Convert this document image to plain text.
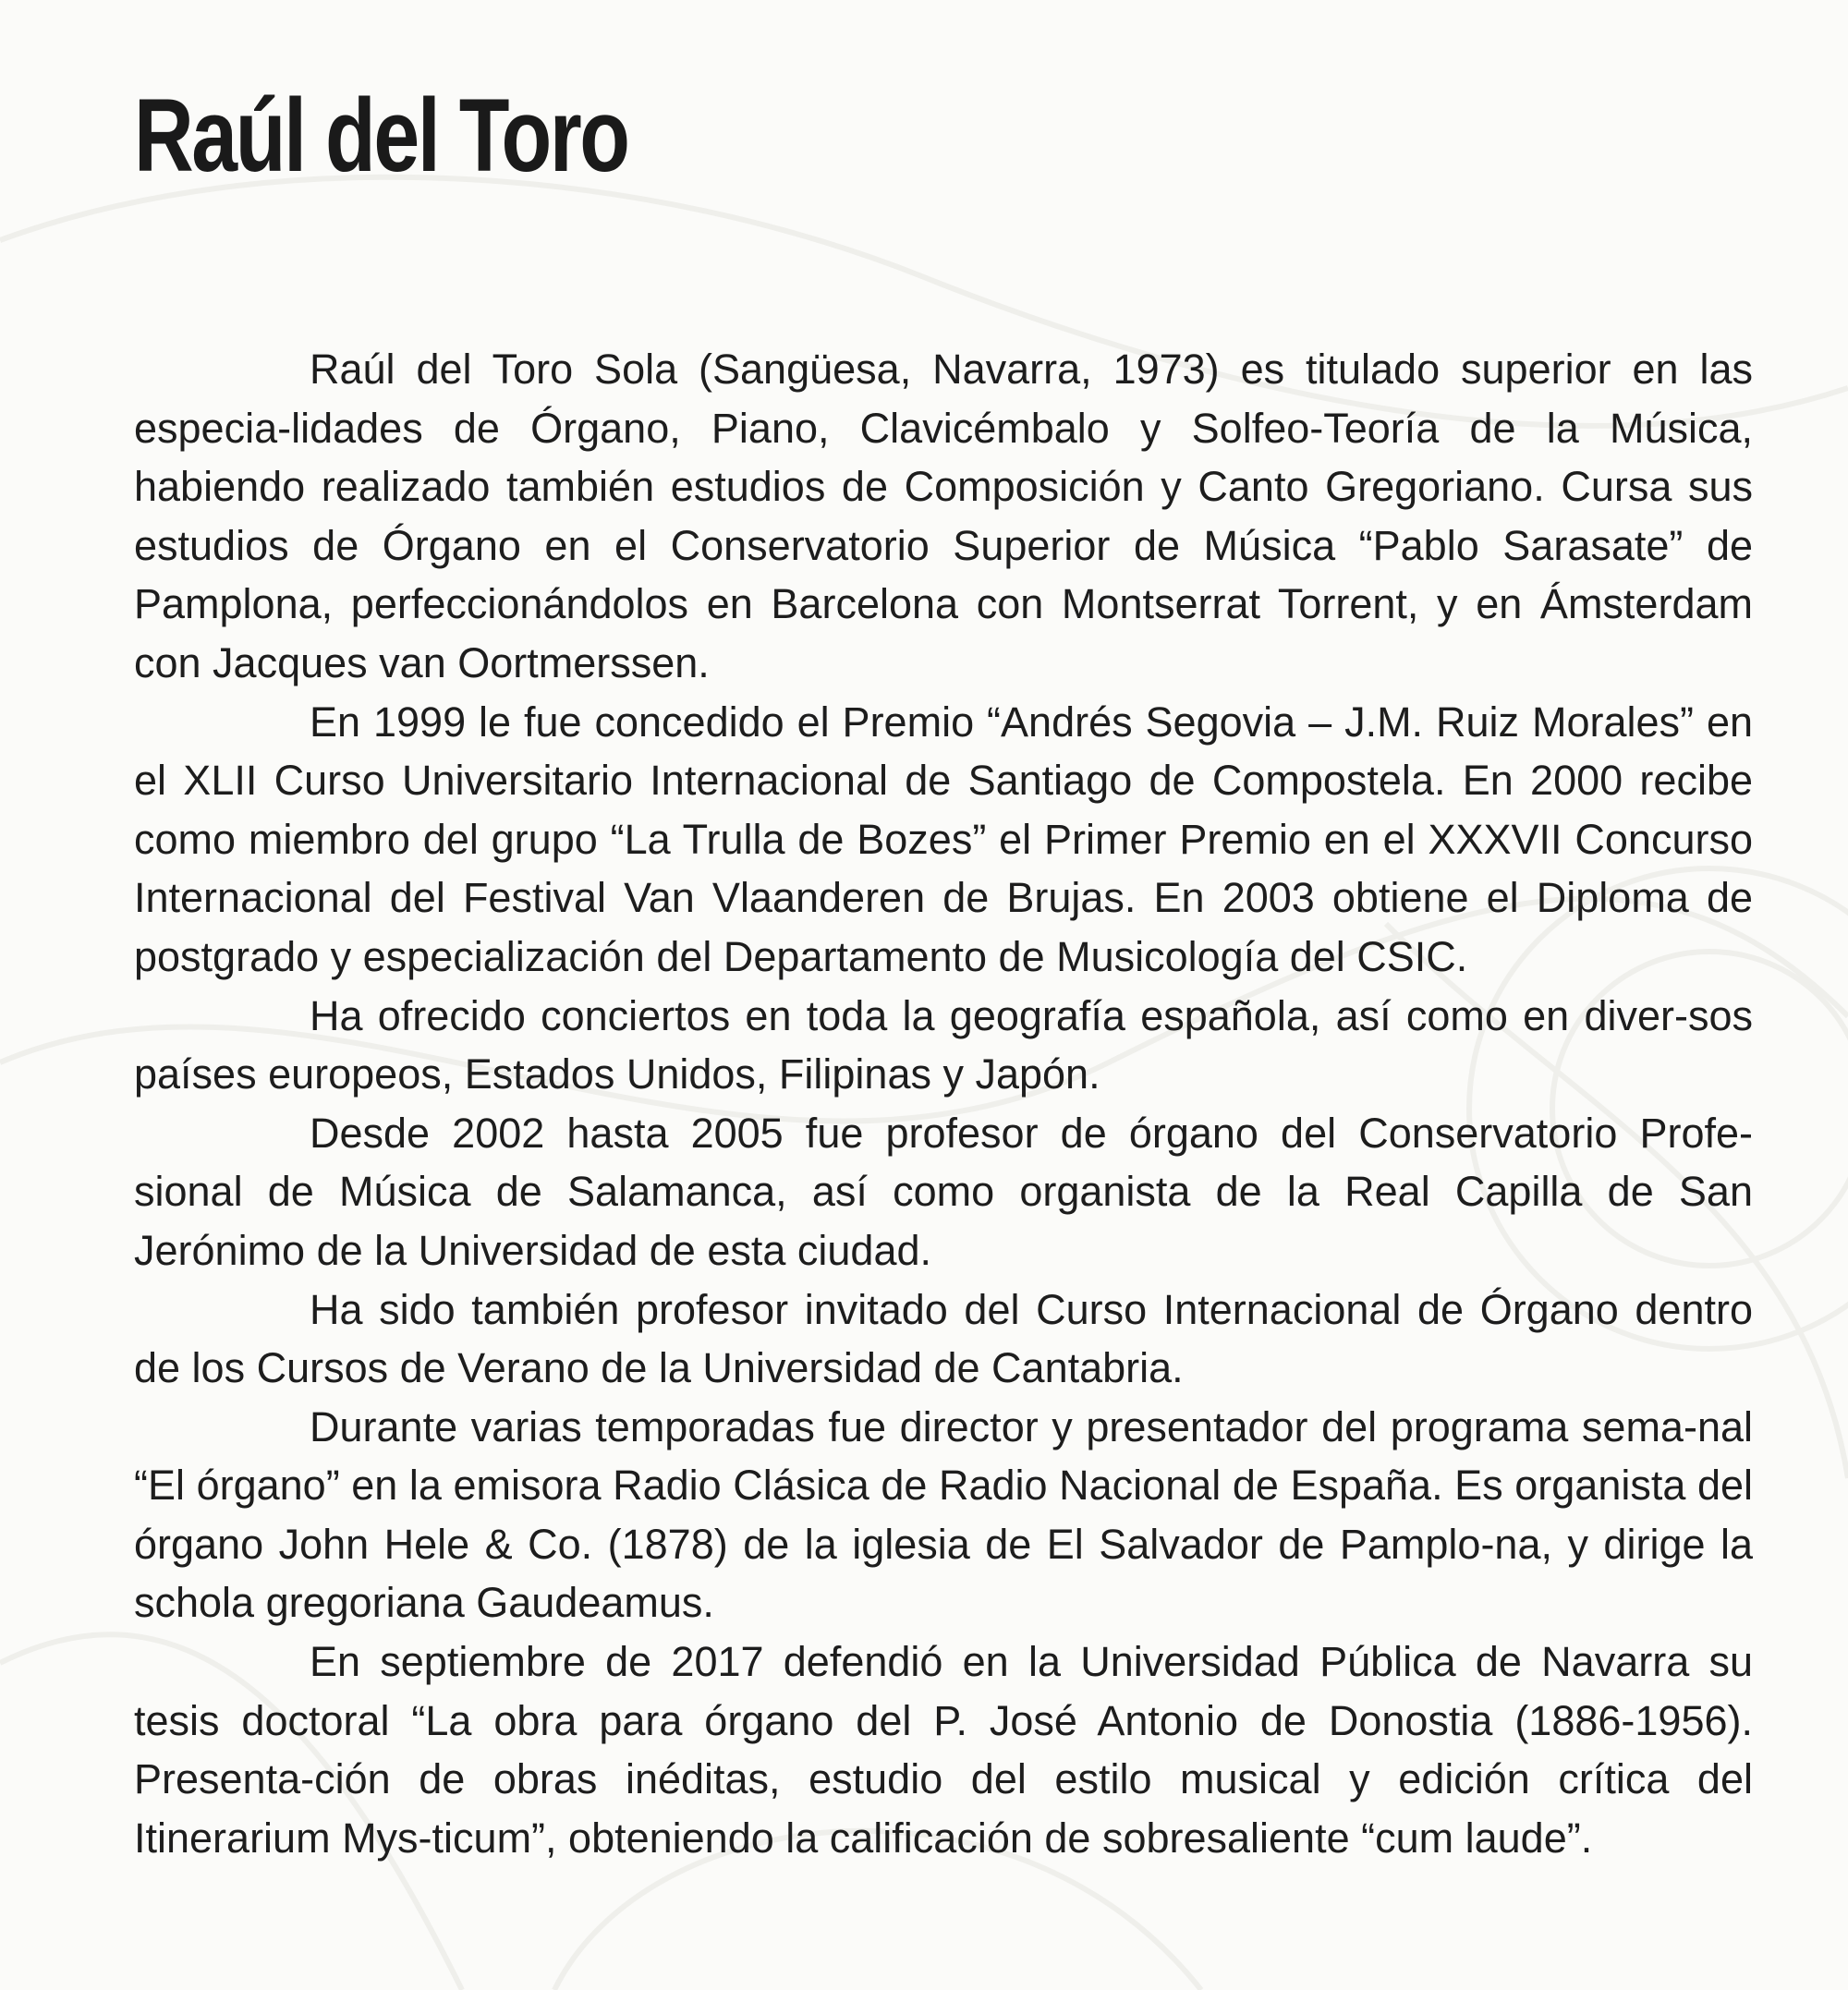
Raúl del Toro

Raúl del Toro Sola (Sangüesa, Navarra, 1973) es titulado superior en las especia-lidades de Órgano, Piano, Clavicémbalo y Solfeo-Teoría de la Música, habiendo realizado también estudios de Composición y Canto Gregoriano. Cursa sus estudios de Órgano en el Conservatorio Superior de Música “Pablo Sarasate” de Pamplona, perfeccionándolos en Barcelona con Montserrat Torrent, y en Ámsterdam con Jacques van Oortmerssen.

En 1999 le fue concedido el Premio “Andrés Segovia – J.M. Ruiz Morales” en el XLII Curso Universitario Internacional de Santiago de Compostela. En 2000 recibe como miembro del grupo “La Trulla de Bozes” el Primer Premio en el XXXVII Concurso Internacional del Festival Van Vlaanderen de Brujas. En 2003 obtiene el Diploma de postgrado y especialización del Departamento de Musicología del CSIC.

Ha ofrecido conciertos en toda la geografía española, así como en diver-sos países europeos, Estados Unidos, Filipinas y Japón.

Desde 2002 hasta 2005 fue profesor de órgano del Conservatorio Profe-sional de Música de Salamanca, así como organista de la Real Capilla de San Jerónimo de la Universidad de esta ciudad.

Ha sido también profesor invitado del Curso Internacional de Órgano dentro de los Cursos de Verano de la Universidad de Cantabria.

Durante varias temporadas fue director y presentador del programa sema-nal “El órgano” en la emisora Radio Clásica de Radio Nacional de España. Es organista del órgano John Hele & Co. (1878) de la iglesia de El Salvador de Pamplo-na, y dirige la schola gregoriana Gaudeamus.

En septiembre de 2017 defendió en la Universidad Pública de Navarra su tesis doctoral “La obra para órgano del P. José Antonio de Donostia (1886-1956). Presenta-ción de obras inéditas, estudio del estilo musical y edición crítica del Itinerarium Mys-ticum”, obteniendo la calificación de sobresaliente “cum laude”.
